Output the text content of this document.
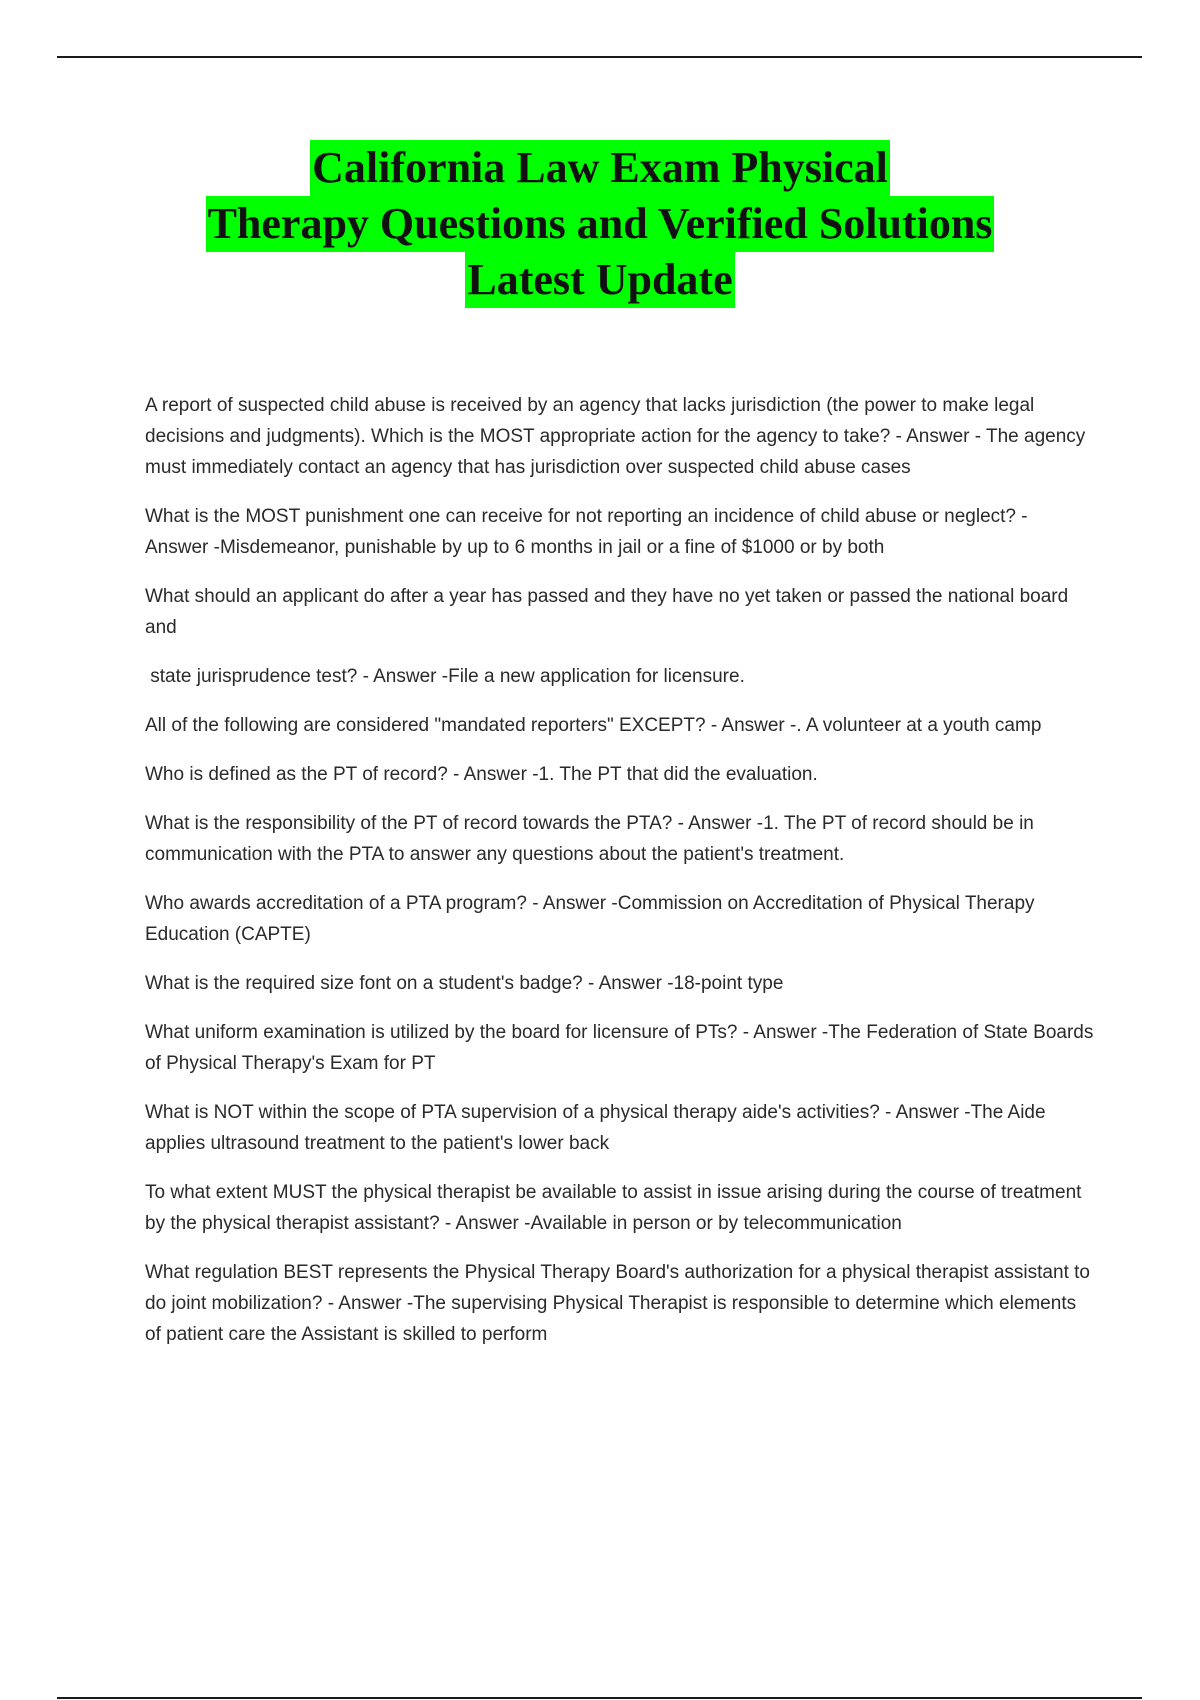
California Law Exam Physical
Therapy Questions and Verified Solutions
Latest Update

A report of suspected child abuse is received by an agency that lacks jurisdiction (the power to make legal decisions and judgments). Which is the MOST appropriate action for the agency to take? - Answer - The agency must immediately contact an agency that has jurisdiction over suspected child abuse cases

What is the MOST punishment one can receive for not reporting an incidence of child abuse or neglect? - Answer -Misdemeanor, punishable by up to 6 months in jail or a fine of $1000 or by both

What should an applicant do after a year has passed and they have no yet taken or passed the national board and

state jurisprudence test? - Answer -File a new application for licensure.

All of the following are considered "mandated reporters" EXCEPT? - Answer -. A volunteer at a youth camp

Who is defined as the PT of record? - Answer -1. The PT that did the evaluation.

What is the responsibility of the PT of record towards the PTA? - Answer -1. The PT of record should be in communication with the PTA to answer any questions about the patient's treatment.

Who awards accreditation of a PTA program? - Answer -Commission on Accreditation of Physical Therapy Education (CAPTE)

What is the required size font on a student's badge? - Answer -18-point type

What uniform examination is utilized by the board for licensure of PTs? - Answer -The Federation of State Boards of Physical Therapy's Exam for PT

What is NOT within the scope of PTA supervision of a physical therapy aide's activities? - Answer -The Aide applies ultrasound treatment to the patient's lower back

To what extent MUST the physical therapist be available to assist in issue arising during the course of treatment by the physical therapist assistant? - Answer -Available in person or by telecommunication

What regulation BEST represents the Physical Therapy Board's authorization for a physical therapist assistant to do joint mobilization? - Answer -The supervising Physical Therapist is responsible to determine which elements of patient care the Assistant is skilled to perform
